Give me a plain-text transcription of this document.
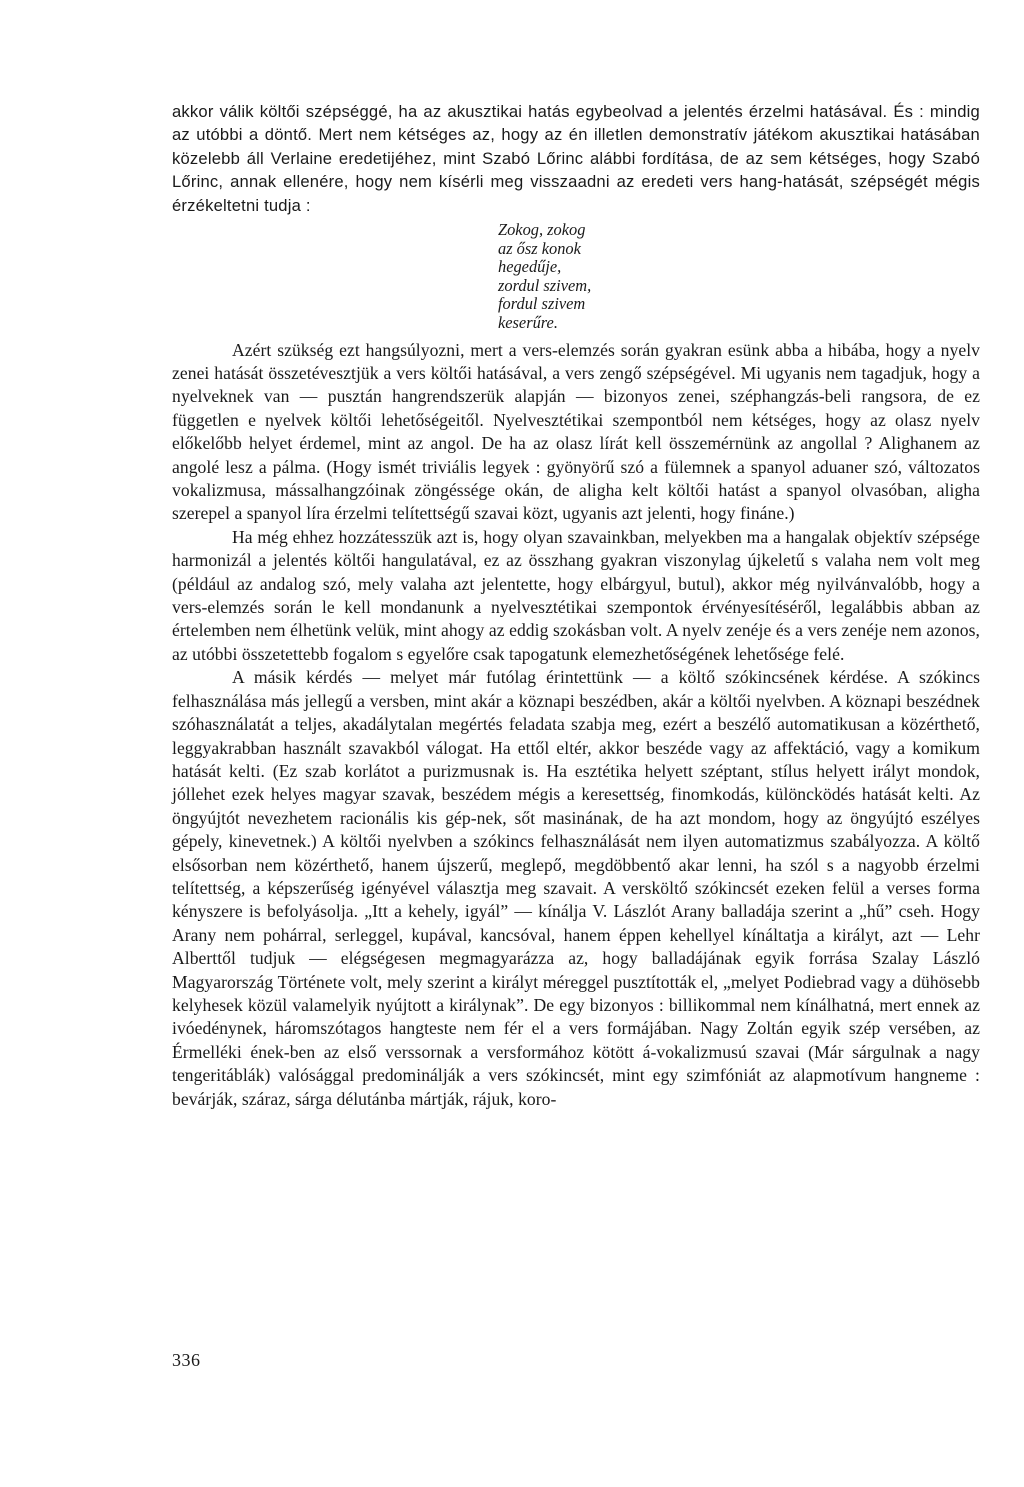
akkor válik költői szépséggé, ha az akusztikai hatás egybeolvad a jelentés érzelmi hatásával. És : mindig az utóbbi a döntő. Mert nem kétséges az, hogy az én illetlen demonstratív játékom akusztikai hatásában közelebb áll Verlaine eredetijéhez, mint Szabó Lőrinc alábbi fordítása, de az sem kétséges, hogy Szabó Lőrinc, annak ellenére, hogy nem kísérli meg visszaadni az eredeti vers hang-hatását, szépségét mégis érzékeltetni tudja :

Zokog, zokog
az ősz konok
hegedűje,
zordul szivem,
fordul szivem
keserűre.

Azért szükség ezt hangsúlyozni, mert a vers-elemzés során gyakran esünk abba a hibába, hogy a nyelv zenei hatását összetévesztjük a vers költői hatásával, a vers zengő szépségével. Mi ugyanis nem tagadjuk, hogy a nyelveknek van — pusztán hangrendszerük alapján — bizonyos zenei, széphangzás-beli rangsora, de ez független e nyelvek költői lehetőségeitől. Nyelvesztétikai szempontból nem kétséges, hogy az olasz nyelv előkelőbb helyet érdemel, mint az angol. De ha az olasz lírát kell összemérnünk az angollal ? Alighanem az angolé lesz a pálma. (Hogy ismét triviális legyek : gyönyörű szó a fülemnek a spanyol aduaner szó, változatos vokalizmusa, mássalhangzóinak zöngéssége okán, de aligha kelt költői hatást a spanyol olvasóban, aligha szerepel a spanyol líra érzelmi telítettségű szavai közt, ugyanis azt jelenti, hogy fináne.)

Ha még ehhez hozzátesszük azt is, hogy olyan szavainkban, melyekben ma a hangalak objektív szépsége harmonizál a jelentés költői hangulatával, ez az összhang gyakran viszonylag újkeletű s valaha nem volt meg (például az andalog szó, mely valaha azt jelentette, hogy elbárgyul, butul), akkor még nyilvánvalóbb, hogy a vers-elemzés során le kell mondanunk a nyelvesztétikai szempontok érvényesítéséről, legalábbis abban az értelemben nem élhetünk velük, mint ahogy az eddig szokásban volt. A nyelv zenéje és a vers zenéje nem azonos, az utóbbi összetettebb fogalom s egyelőre csak tapogatunk elemezhetőségének lehetősége felé.

A másik kérdés — melyet már futólag érintettünk — a költő szókincsének kérdése. A szókincs felhasználása más jellegű a versben, mint akár a köznapi beszédben, akár a költői nyelvben. A köznapi beszédnek szóhasználatát a teljes, akadálytalan megértés feladata szabja meg, ezért a beszélő automatikusan a közérthető, leggyakrabban használt szavakból válogat. Ha ettől eltér, akkor beszéde vagy az affektáció, vagy a komikum hatását kelti. (Ez szab korlátot a purizmusnak is. Ha esztétika helyett széptant, stílus helyett irályt mondok, jóllehet ezek helyes magyar szavak, beszédem mégis a keresettség, finomkodás, különcködés hatását kelti. Az öngyújtót nevezhetem racionális kis gép-nek, sőt masinának, de ha azt mondom, hogy az öngyújtó eszélyes gépely, kinevetnek.) A költői nyelvben a szókincs felhasználását nem ilyen automatizmus szabályozza. A költő elsősorban nem közérthető, hanem újszerű, meglepő, megdöbbentő akar lenni, ha szól s a nagyobb érzelmi telítettség, a képszerűség igényével választja meg szavait. A versköltő szókincsét ezeken felül a verses forma kényszere is befolyásolja. „Itt a kehely, igyál” — kínálja V. Lászlót Arany balladája szerint a „hű” cseh. Hogy Arany nem pohárral, serleggel, kupával, kancsóval, hanem éppen kehellyel kínáltatja a királyt, azt — Lehr Alberttől tudjuk — elégségesen megmagyarázza az, hogy balladájának egyik forrása Szalay László Magyarország Története volt, mely szerint a királyt méreggel pusztították el, „melyet Podiebrad vagy a dühösebb kelyhesek közül valamelyik nyújtott a királynak”. De egy bizonyos : billikommal nem kínálhatná, mert ennek az ivóedénynek, háromszótagos hangteste nem fér el a vers formájában. Nagy Zoltán egyik szép versében, az Érmelléki ének-ben az első verssornak a versformához kötött á-vokalizmusú szavai (Már sárgulnak a nagy tengeritáblák) valósággal predominálják a vers szókincsét, mint egy szimfóniát az alapmotívum hangneme : bevárják, száraz, sárga délutánba mártják, rájuk, koro-

336
